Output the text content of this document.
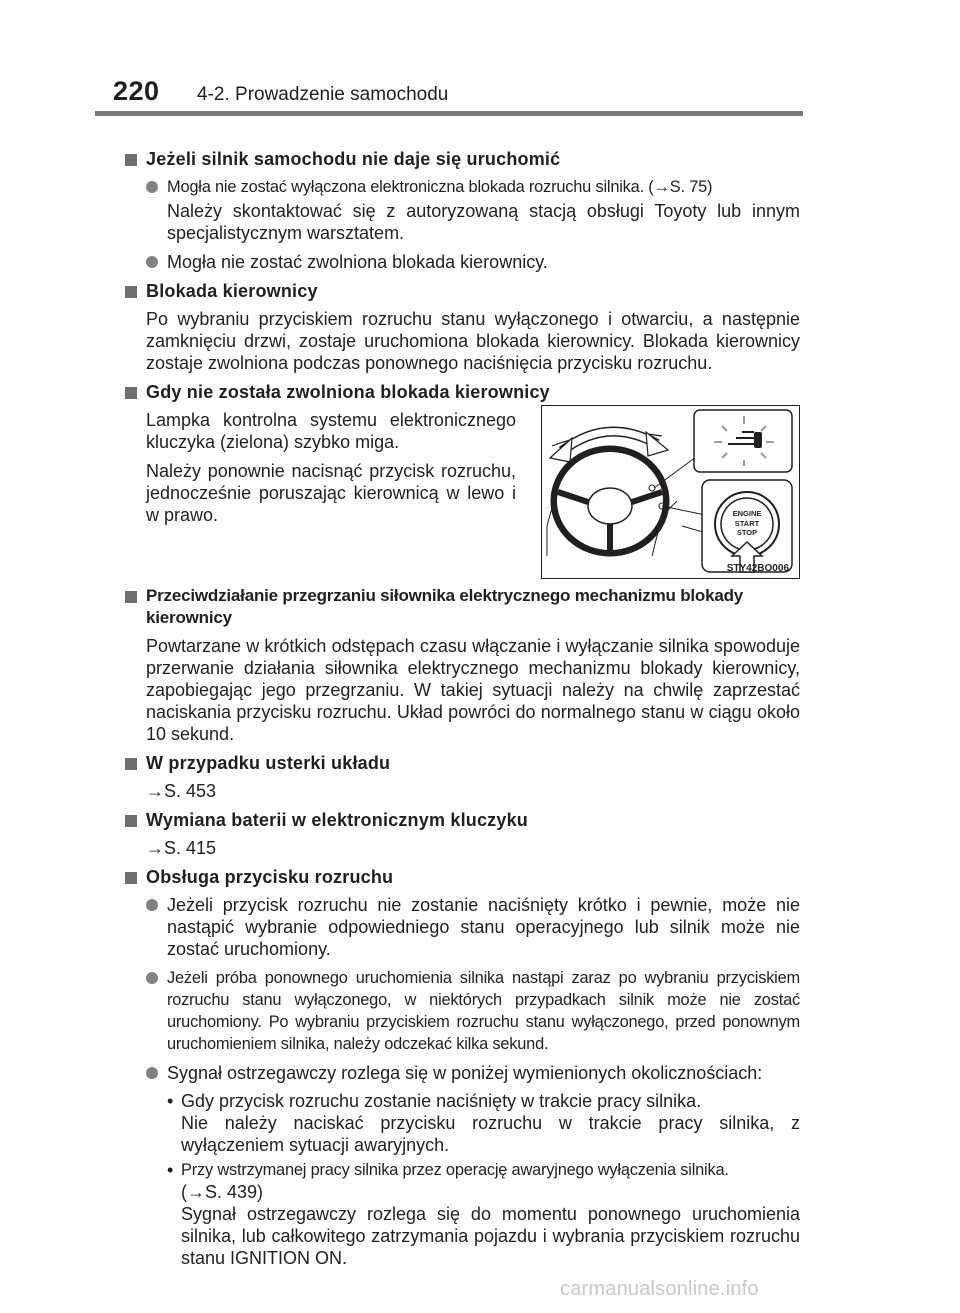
220 4-2. Prowadzenie samochodu
Jeżeli silnik samochodu nie daje się uruchomić
Mogła nie zostać wyłączona elektroniczna blokada rozruchu silnika. (→S. 75)
Należy skontaktować się z autoryzowaną stacją obsługi Toyoty lub innym specjalistycznym warsztatem.
Mogła nie zostać zwolniona blokada kierownicy.
Blokada kierownicy
Po wybraniu przyciskiem rozruchu stanu wyłączonego i otwarciu, a następnie zamknięciu drzwi, zostaje uruchomiona blokada kierownicy. Blokada kierownicy zostaje zwolniona podczas ponownego naciśnięcia przycisku rozruchu.
Gdy nie została zwolniona blokada kierownicy
Lampka kontrolna systemu elektronicznego kluczyka (zielona) szybko miga.
Należy ponownie nacisnąć przycisk rozruchu, jednocześnie poruszając kierownicą w lewo i w prawo.	ENGINE
START
STOP
STY42BO006
Przeciwdziałanie przegrzaniu siłownika elektrycznego mechanizmu blokady kierownicy
Powtarzane w krótkich odstępach czasu włączanie i wyłączanie silnika spowoduje przerwanie działania siłownika elektrycznego mechanizmu blokady kierownicy, zapobiegając jego przegrzaniu. W takiej sytuacji należy na chwilę zaprzestać naciskania przycisku rozruchu. Układ powróci do normalnego stanu w ciągu około 10 sekund.
W przypadku usterki układu
→S. 453
Wymiana baterii w elektronicznym kluczyku
→S. 415
Obsługa przycisku rozruchu
Jeżeli przycisk rozruchu nie zostanie naciśnięty krótko i pewnie, może nie nastąpić wybranie odpowiedniego stanu operacyjnego lub silnik może nie zostać uruchomiony.
Jeżeli próba ponownego uruchomienia silnika nastąpi zaraz po wybraniu przyciskiem rozruchu stanu wyłączonego, w niektórych przypadkach silnik może nie zostać uruchomiony. Po wybraniu przyciskiem rozruchu stanu wyłączonego, przed ponownym uruchomieniem silnika, należy odczekać kilka sekund.
Sygnał ostrzegawczy rozlega się w poniżej wymienionych okolicznościach:
• Gdy przycisk rozruchu zostanie naciśnięty w trakcie pracy silnika.
Nie należy naciskać przycisku rozruchu w trakcie pracy silnika, z wyłączeniem sytuacji awaryjnych.
• Przy wstrzymanej pracy silnika przez operację awaryjnego wyłączenia silnika.
(→S. 439)
Sygnał ostrzegawczy rozlega się do momentu ponownego uruchomienia silnika, lub całkowitego zatrzymania pojazdu i wybrania przyciskiem rozruchu stanu IGNITION ON.
carmanualsonline.info
